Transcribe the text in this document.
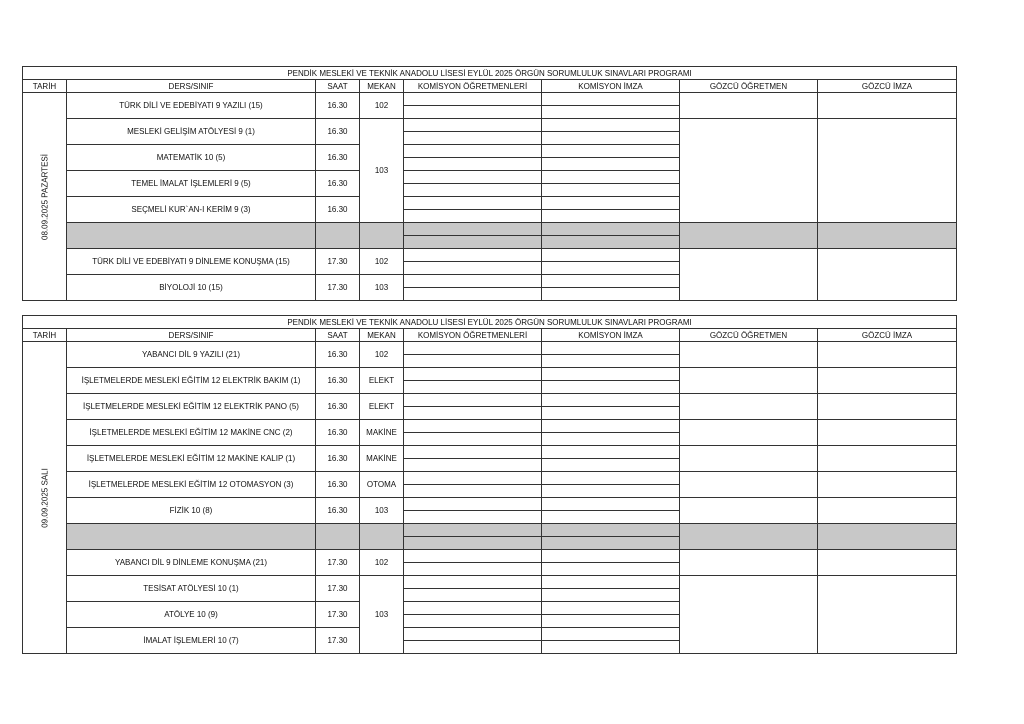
PENDİK MESLEKİ VE TEKNİK ANADOLU LİSESİ EYLÜL 2025 ÖRGÜN SORUMLULUK SINAVLARI PROGRAMI							
TARİH	DERS/SINIF	SAAT	MEKAN	KOMİSYON ÖĞRETMENLERİ	KOMİSYON İMZA	GÖZCÜ ÖĞRETMEN	GÖZCÜ İMZA

08.09.2025 PAZARTESİ	TÜRK DİLİ VE EDEBİYATI 9 YAZILI (15)	16.30	102	

	MESLEKİ GELİŞİM ATÖLYESİ 9 (1)	16.30	103	

	MATEMATİK 10 (5)	16.30				

	TEMEL İMALAT İŞLEMLERİ 9 (5)	16.30				

	SEÇMELİ KUR`AN-I KERİM 9 (3)	16.30				

	TÜRK DİLİ VE EDEBİYATI 9 DİNLEME KONUŞMA (15)	17.30	102	

	BİYOLOJİ 10 (15)	17.30	103			

PENDİK MESLEKİ VE TEKNİK ANADOLU LİSESİ EYLÜL 2025 ÖRGÜN SORUMLULUK SINAVLARI PROGRAMI							
TARİH	DERS/SINIF	SAAT	MEKAN	KOMİSYON ÖĞRETMENLERİ	KOMİSYON İMZA	GÖZCÜ ÖĞRETMEN	GÖZCÜ İMZA

09.09.2025 SALI	YABANCI DİL 9 YAZILI (21)	16.30	102	

	İŞLETMELERDE MESLEKİ EĞİTİM 12 ELEKTRİK BAKIM (1)	16.30	ELEKT	

	İŞLETMELERDE MESLEKİ EĞİTİM 12 ELEKTRİK PANO (5)	16.30	ELEKT	

	İŞLETMELERDE MESLEKİ EĞİTİM 12 MAKİNE CNC (2)	16.30	MAKİNE	

	İŞLETMELERDE MESLEKİ EĞİTİM 12 MAKİNE KALIP (1)	16.30	MAKİNE	

	İŞLETMELERDE MESLEKİ EĞİTİM 12 OTOMASYON (3)	16.30	OTOMA	

	FİZİK 10 (8)	16.30	103	

	YABANCI DİL 9 DİNLEME KONUŞMA (21)	17.30	102	

	TESİSAT ATÖLYESİ 10 (1)	17.30	103	

	ATÖLYE 10 (9)	17.30				

	İMALAT İŞLEMLERİ 10 (7)	17.30				
